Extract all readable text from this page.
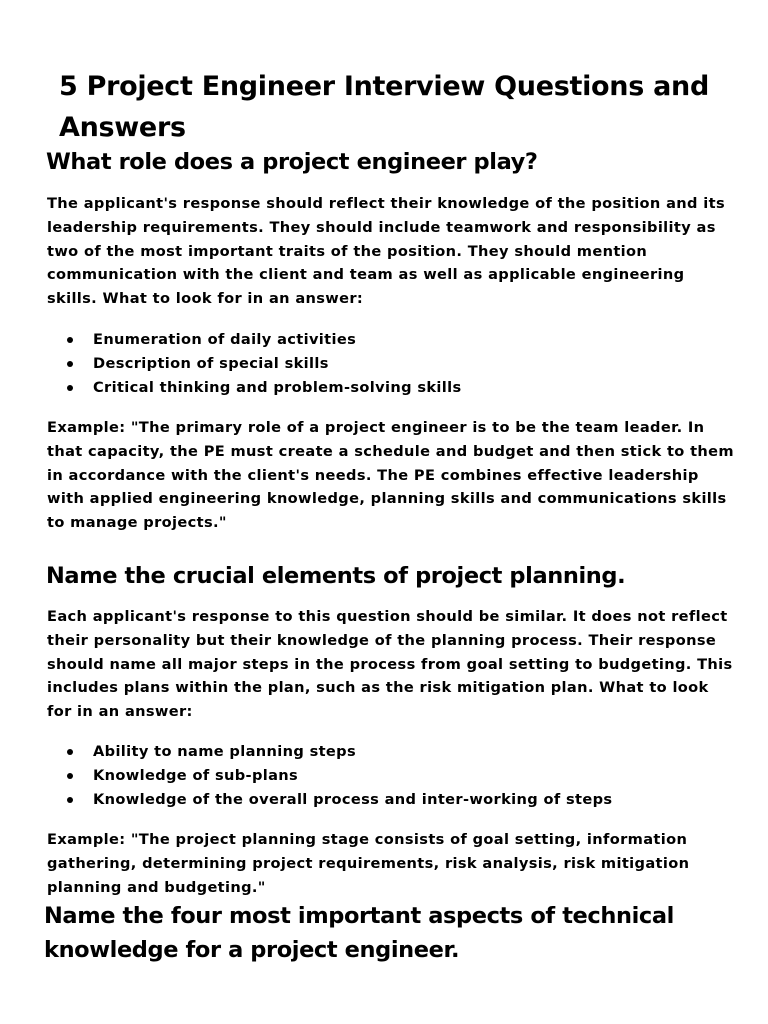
5 Project Engineer Interview Questions and Answers
What role does a project engineer play?

The applicant's response should reflect their knowledge of the position and its leadership requirements. They should include teamwork and responsibility as two of the most important traits of the position. They should mention communication with the client and team as well as applicable engineering skills. What to look for in an answer:

Enumeration of daily activities
Description of special skills
Critical thinking and problem-solving skills

Example: "The primary role of a project engineer is to be the team leader. In that capacity, the PE must create a schedule and budget and then stick to them in accordance with the client's needs. The PE combines effective leadership with applied engineering knowledge, planning skills and communications skills to manage projects."

Name the crucial elements of project planning.

Each applicant's response to this question should be similar. It does not reflect their personality but their knowledge of the planning process. Their response should name all major steps in the process from goal setting to budgeting. This includes plans within the plan, such as the risk mitigation plan. What to look for in an answer:

Ability to name planning steps
Knowledge of sub-plans
Knowledge of the overall process and inter-working of steps

Example: "The project planning stage consists of goal setting, information gathering, determining project requirements, risk analysis, risk mitigation planning and budgeting."

Name the four most important aspects of technical knowledge for a project engineer.
